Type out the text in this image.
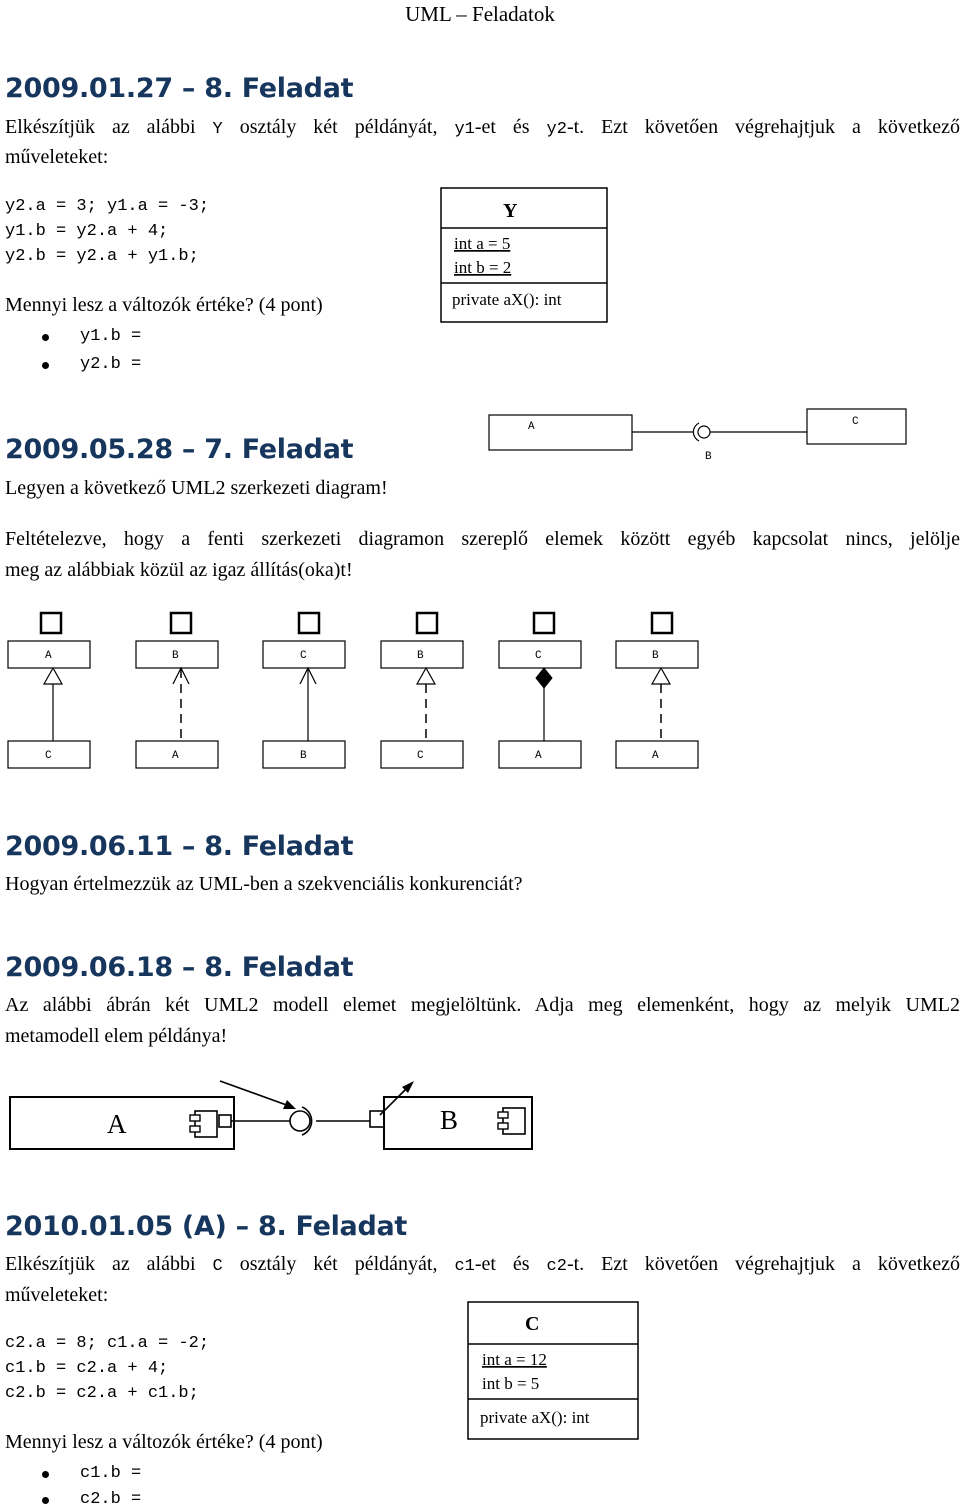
UML – Feladatok
2009.01.27 – 8. Feladat
Elkészítjük az alábbi Y osztály két példányát, y1-et és y2-t. Ezt követően végrehajtjuk a következő
műveleteket:
y2.a = 3; y1.a = -3;
y1.b = y2.a + 4;
y2.b = y2.a + y1.b;
Mennyi lesz a változók értéke? (4 pont)
y1.b =
y2.b =
Y
int a = 5
int b = 2
private aX(): int
2009.05.28 – 7. Feladat
Legyen a következő UML2 szerkezeti diagram!
A
B
C
Feltételezve, hogy a fenti szerkezeti diagramon szereplő elemek között egyéb kapcsolat nincs, jelölje
meg az alábbiak közül az igaz állítás(oka)t!
A
C
B
A
C
B
B
C
C
A
B
A
2009.06.11 – 8. Feladat
Hogyan értelmezzük az UML-ben a szekvenciális konkurenciát?
2009.06.18 – 8. Feladat
Az alábbi ábrán két UML2 modell elemet megjelöltünk. Adja meg elemenként, hogy az melyik UML2
metamodell elem példánya!
A	B
2010.01.05 (A) – 8. Feladat
Elkészítjük az alábbi C osztály két példányát, c1-et és c2-t. Ezt követően végrehajtjuk a következő
műveleteket:
c2.a = 8; c1.a = -2;
c1.b = c2.a + 4;
c2.b = c2.a + c1.b;
Mennyi lesz a változók értéke? (4 pont)
c1.b =
c2.b =
C
int a = 12
int b = 5
private aX(): int
